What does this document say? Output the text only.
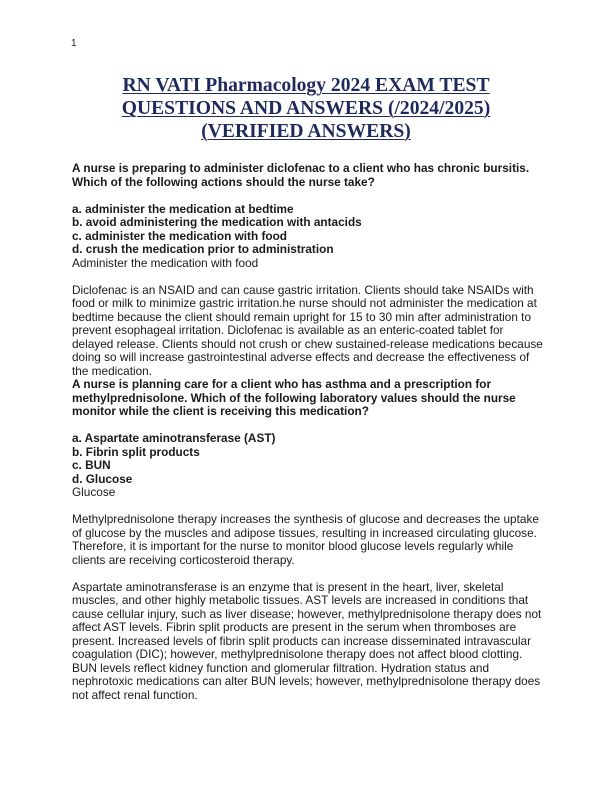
1
RN VATI Pharmacology 2024 EXAM TEST
QUESTIONS AND ANSWERS (/2024/2025)
(VERIFIED ANSWERS)

A nurse is preparing to administer diclofenac to a client who has chronic bursitis. Which of the following actions should the nurse take?

a. administer the medication at bedtime

b. avoid administering the medication with antacids

c. administer the medication with food

d. crush the medication prior to administration

Administer the medication with food

Diclofenac is an NSAID and can cause gastric irritation. Clients should take NSAIDs with food or milk to minimize gastric irritation.he nurse should not administer the medication at bedtime because the client should remain upright for 15 to 30 min after administration to prevent esophageal irritation. Diclofenac is available as an enteric-coated tablet for delayed release. Clients should not crush or chew sustained-release medications because doing so will increase gastrointestinal adverse effects and decrease the effectiveness of the medication.

A nurse is planning care for a client who has asthma and a prescription for methylprednisolone. Which of the following laboratory values should the nurse monitor while the client is receiving this medication?

a. Aspartate aminotransferase (AST)

b. Fibrin split products

c. BUN

d. Glucose

Glucose

Methylprednisolone therapy increases the synthesis of glucose and decreases the uptake of glucose by the muscles and adipose tissues, resulting in increased circulating glucose. Therefore, it is important for the nurse to monitor blood glucose levels regularly while clients are receiving corticosteroid therapy.

Aspartate aminotransferase is an enzyme that is present in the heart, liver, skeletal muscles, and other highly metabolic tissues. AST levels are increased in conditions that cause cellular injury, such as liver disease; however, methylprednisolone therapy does not affect AST levels. Fibrin split products are present in the serum when thromboses are present. Increased levels of fibrin split products can increase disseminated intravascular coagulation (DIC); however, methylprednisolone therapy does not affect blood clotting. BUN levels reflect kidney function and glomerular filtration. Hydration status and nephrotoxic medications can alter BUN levels; however, methylprednisolone therapy does not affect renal function.
